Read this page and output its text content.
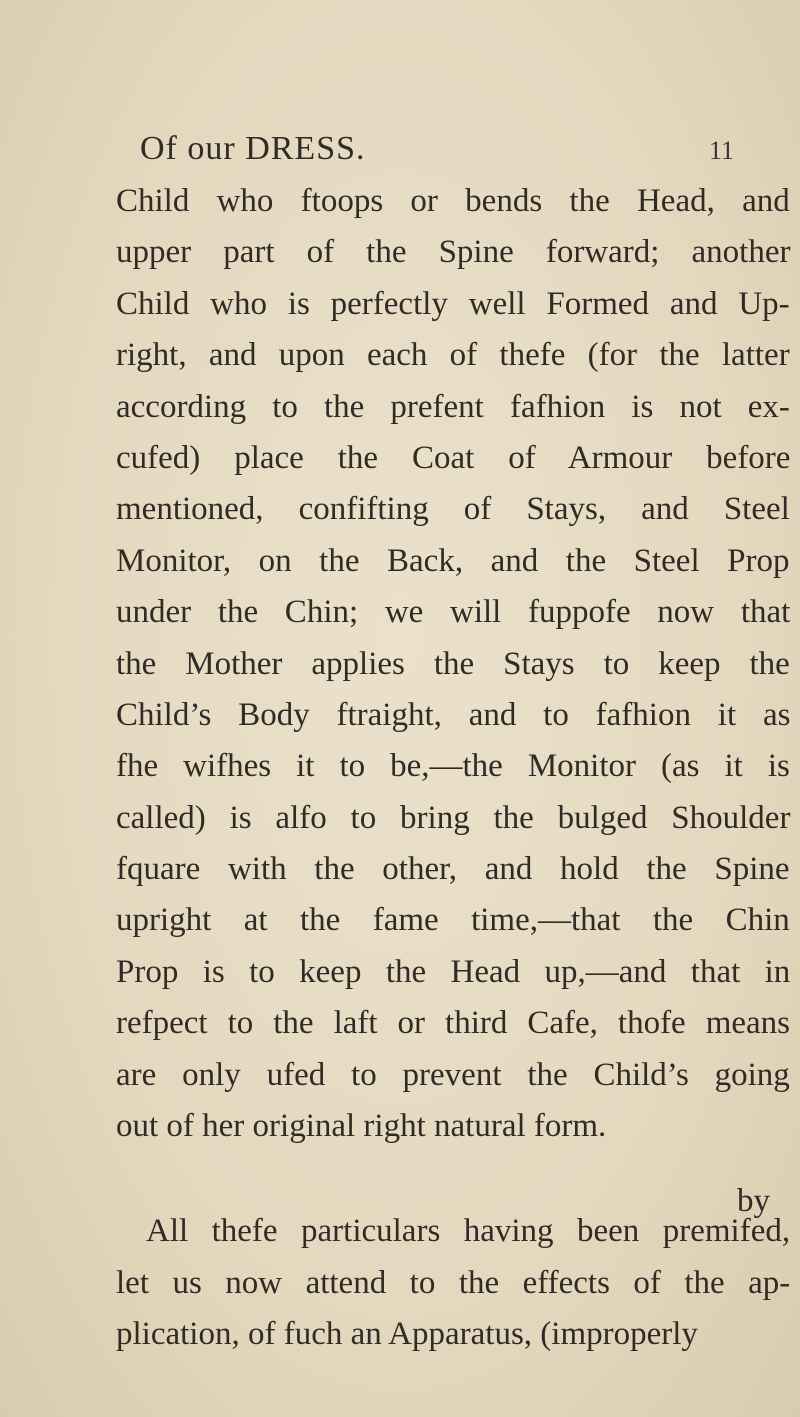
Of our DRESS.	11
Child who ftoops or bends the Head, and
upper part of the Spine forward; another
Child who is perfectly well Formed and Up-
right, and upon each of thefe (for the latter
according to the prefent fafhion is not ex-
cufed) place the Coat of Armour before
mentioned, confifting of Stays, and Steel
Monitor, on the Back, and the Steel Prop
under the Chin; we will fuppofe now that
the Mother applies the Stays to keep the
Child’s Body ftraight, and to fafhion it as
fhe wifhes it to be,—the Monitor (as it is
called) is alfo to bring the bulged Shoulder
fquare with the other, and hold the Spine
upright at the fame time,—that the Chin
Prop is to keep the Head up,—and that in
refpect to the laft or third Cafe, thofe means
are only ufed to prevent the Child’s going
out of her original right natural form.
All thefe particulars having been premifed,
let us now attend to the effects of the ap-
plication, of fuch an Apparatus, (improperly
by
